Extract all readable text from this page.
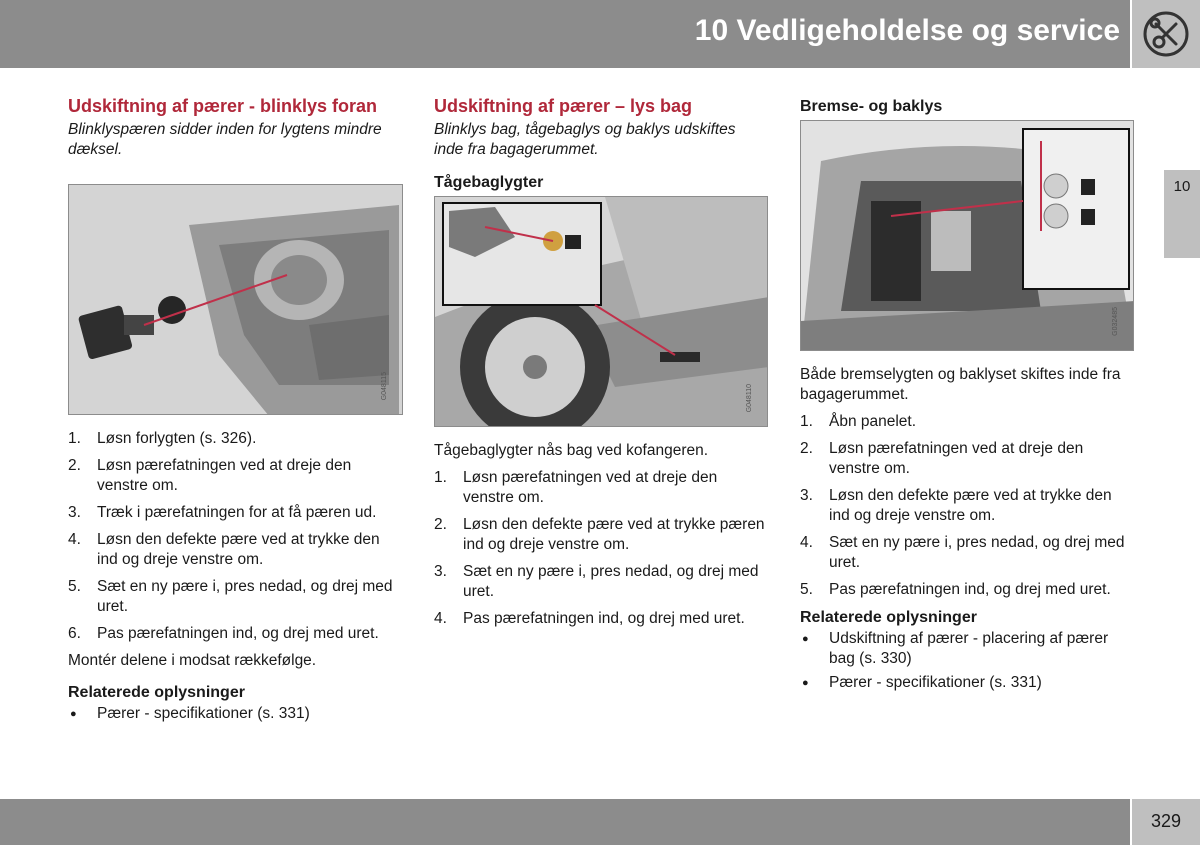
10 Vedligeholdelse og service
10
Udskiftning af pærer - blinklys foran

Blinklyspæren sidder inden for lygtens mindre dæksel.

G048115
1. Løsn forlygten (s. 326).
2. Løsn pærefatningen ved at dreje den venstre om.
3. Træk i pærefatningen for at få pæren ud.
4. Løsn den defekte pære ved at trykke den ind og dreje venstre om.
5. Sæt en ny pære i, pres nedad, og drej med uret.
6. Pas pærefatningen ind, og drej med uret.

Montér delene i modsat rækkefølge.

Relaterede oplysninger
● Pærer - specifikationer (s. 331)
Udskiftning af pærer – lys bag

Blinklys bag, tågebaglys og baklys udskiftes inde fra bagagerummet.

Tågebaglygter
G048110

Tågebaglygter nås bag ved kofangeren.

1. Løsn pærefatningen ved at dreje den venstre om.
2. Løsn den defekte pære ved at trykke pæren ind og dreje venstre om.
3. Sæt en ny pære i, pres nedad, og drej med uret.
4. Pas pærefatningen ind, og drej med uret.
Bremse- og baklys
G032485

Både bremselygten og baklyset skiftes inde fra bagagerummet.

1. Åbn panelet.
2. Løsn pærefatningen ved at dreje den venstre om.
3. Løsn den defekte pære ved at trykke den ind og dreje venstre om.
4. Sæt en ny pære i, pres nedad, og drej med uret.
5. Pas pærefatningen ind, og drej med uret.
Relaterede oplysninger
● Udskiftning af pærer - placering af pærer bag (s. 330)
● Pærer - specifikationer (s. 331)
329
